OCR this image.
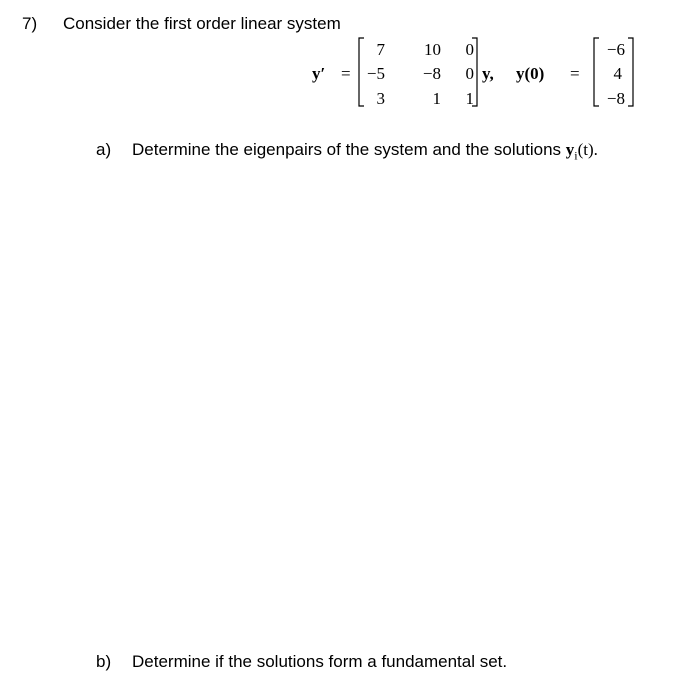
7) Consider the first order linear system
y′ =
7	10	0
−5	−8	0
3	1	1
y, y(0) =
−6
4
−8
a) Determine the eigenpairs of the system and the solutions $y_i(t)$.
b) Determine if the solutions form a fundamental set.
